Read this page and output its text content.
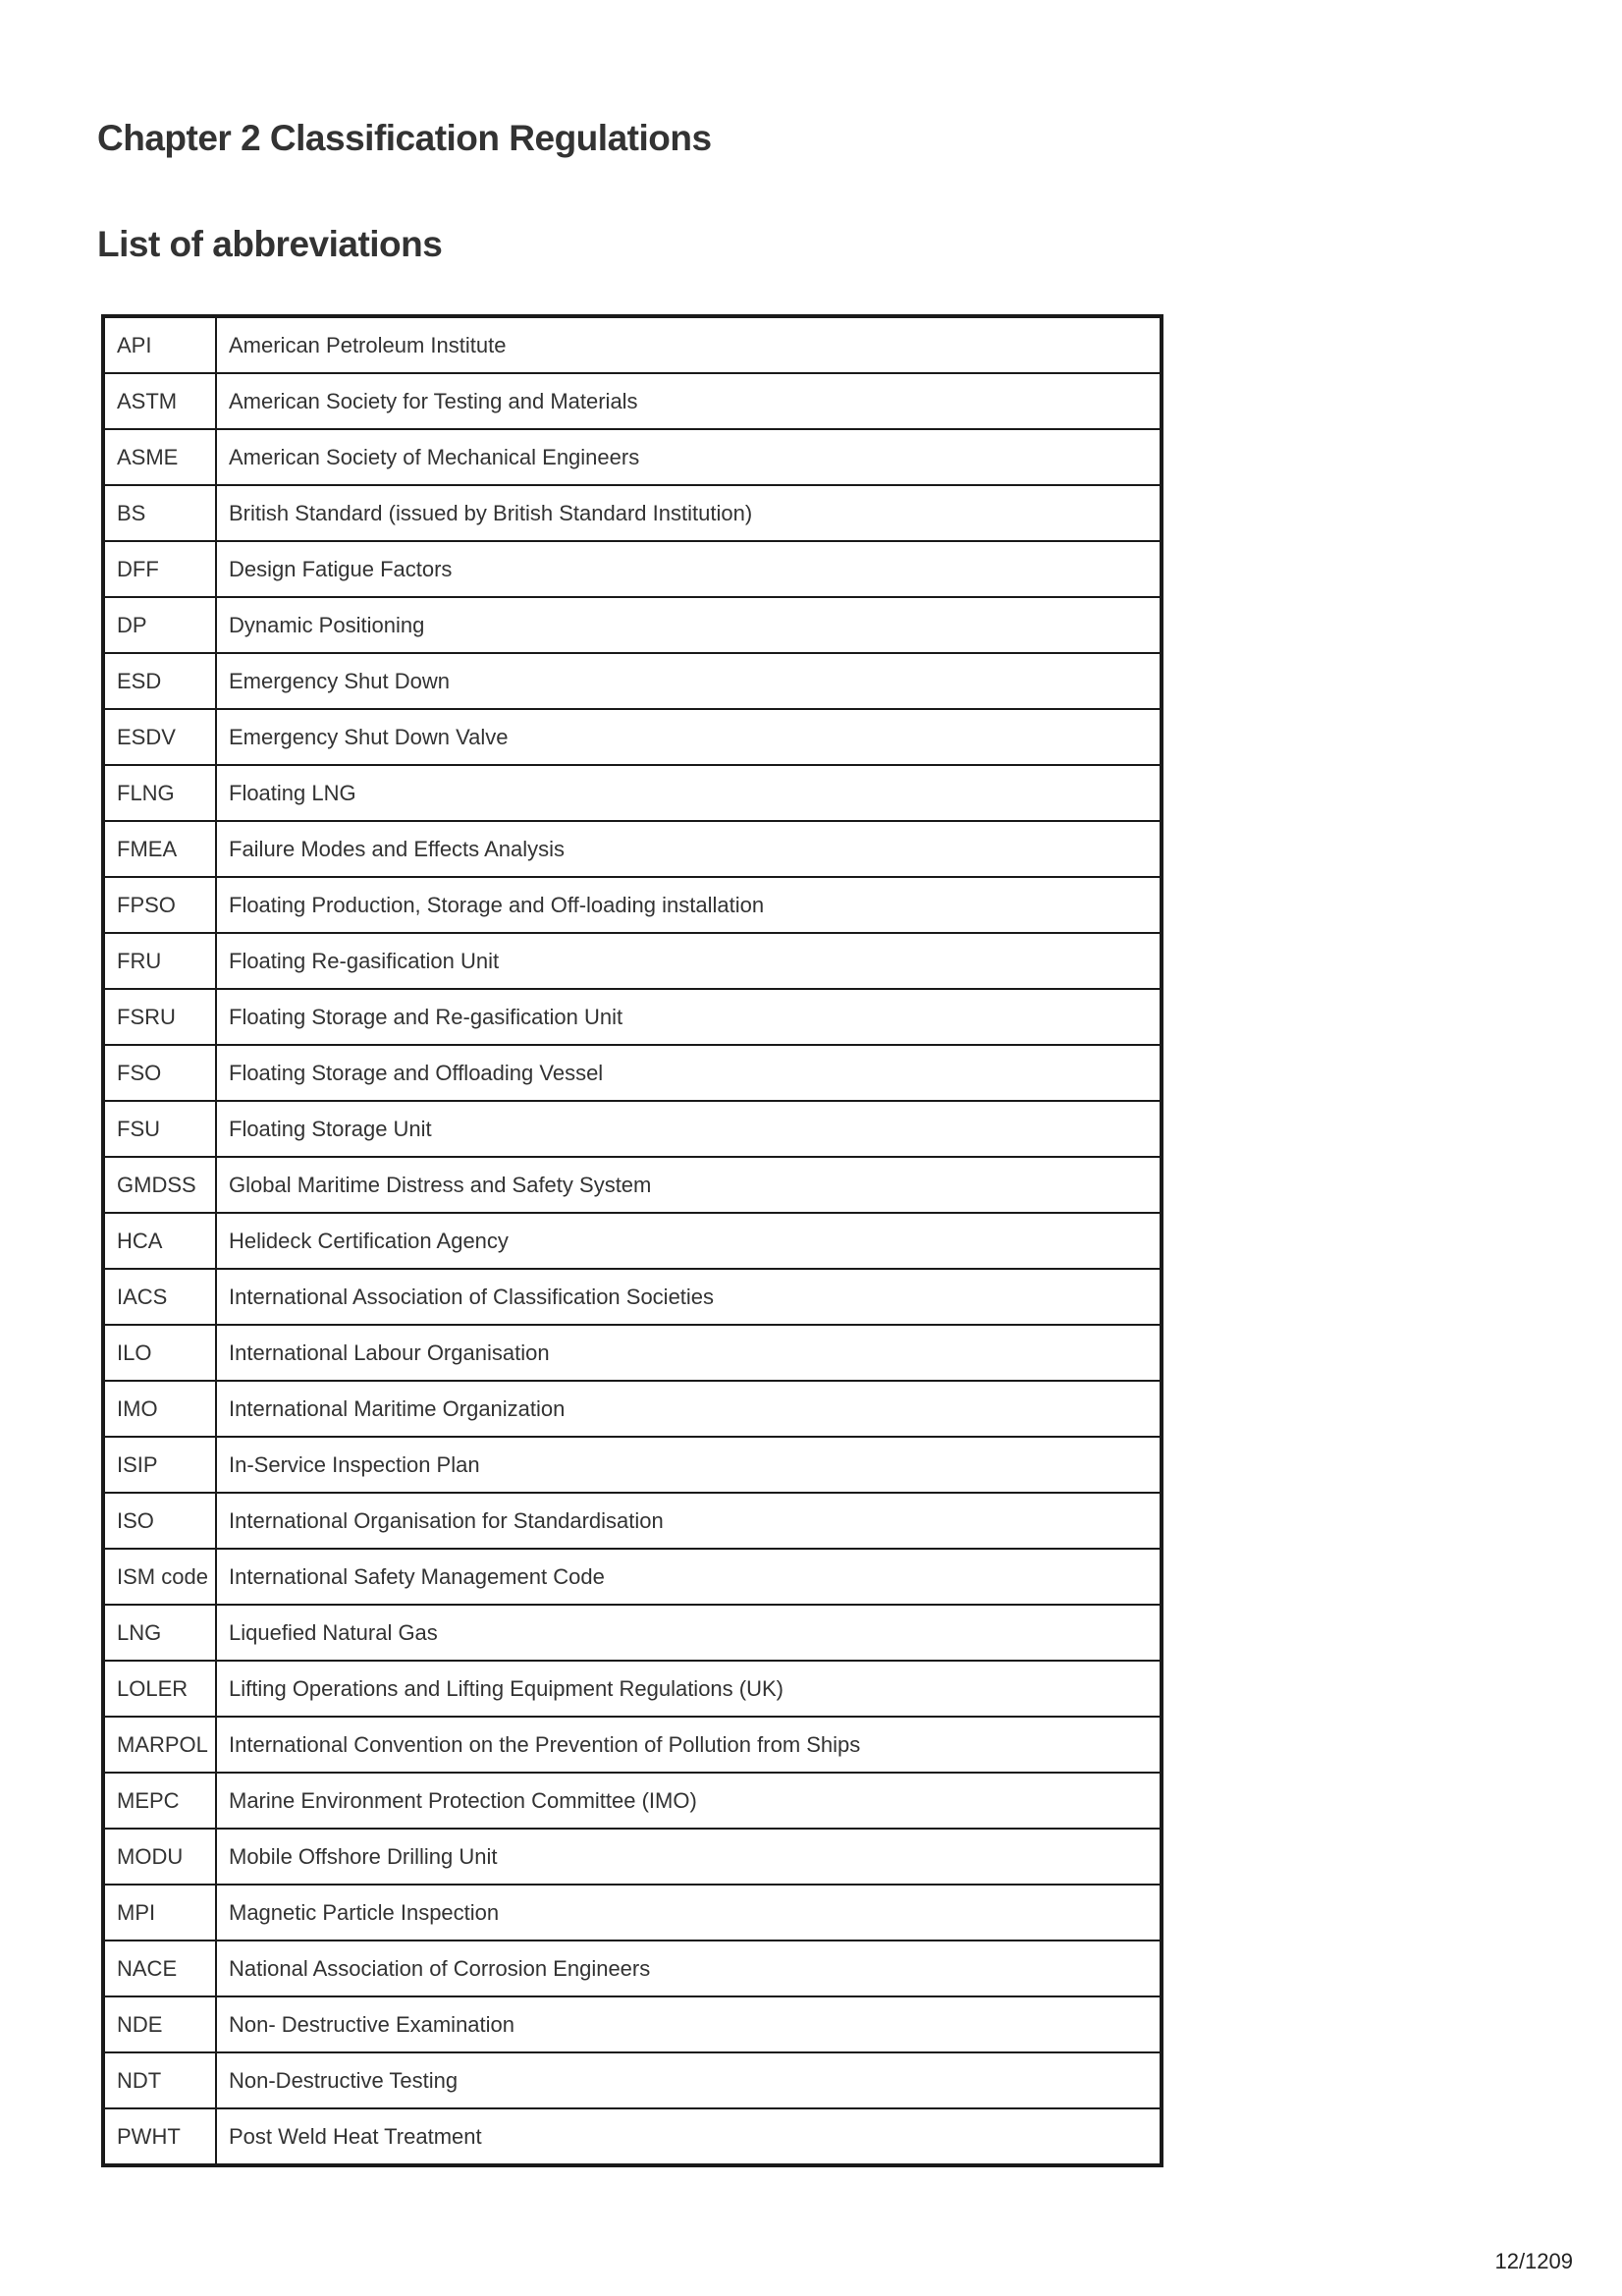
Chapter 2 Classification Regulations
List of abbreviations
API	American Petroleum Institute
ASTM	American Society for Testing and Materials
ASME	American Society of Mechanical Engineers
BS	British Standard (issued by British Standard Institution)
DFF	Design Fatigue Factors
DP	Dynamic Positioning
ESD	Emergency Shut Down
ESDV	Emergency Shut Down Valve
FLNG	Floating LNG
FMEA	Failure Modes and Effects Analysis
FPSO	Floating Production, Storage and Off-loading installation
FRU	Floating Re-gasification Unit
FSRU	Floating Storage and Re-gasification Unit
FSO	Floating Storage and Offloading Vessel
FSU	Floating Storage Unit
GMDSS	Global Maritime Distress and Safety System
HCA	Helideck Certification Agency
IACS	International Association of Classification Societies
ILO	International Labour Organisation
IMO	International Maritime Organization
ISIP	In-Service Inspection Plan
ISO	International Organisation for Standardisation
ISM code	International Safety Management Code
LNG	Liquefied Natural Gas
LOLER	Lifting Operations and Lifting Equipment Regulations (UK)
MARPOL	International Convention on the Prevention of Pollution from Ships
MEPC	Marine Environment Protection Committee (IMO)
MODU	Mobile Offshore Drilling Unit
MPI	Magnetic Particle Inspection
NACE	National Association of Corrosion Engineers
NDE	Non- Destructive Examination
NDT	Non-Destructive Testing
PWHT	Post Weld Heat Treatment
12/1209
